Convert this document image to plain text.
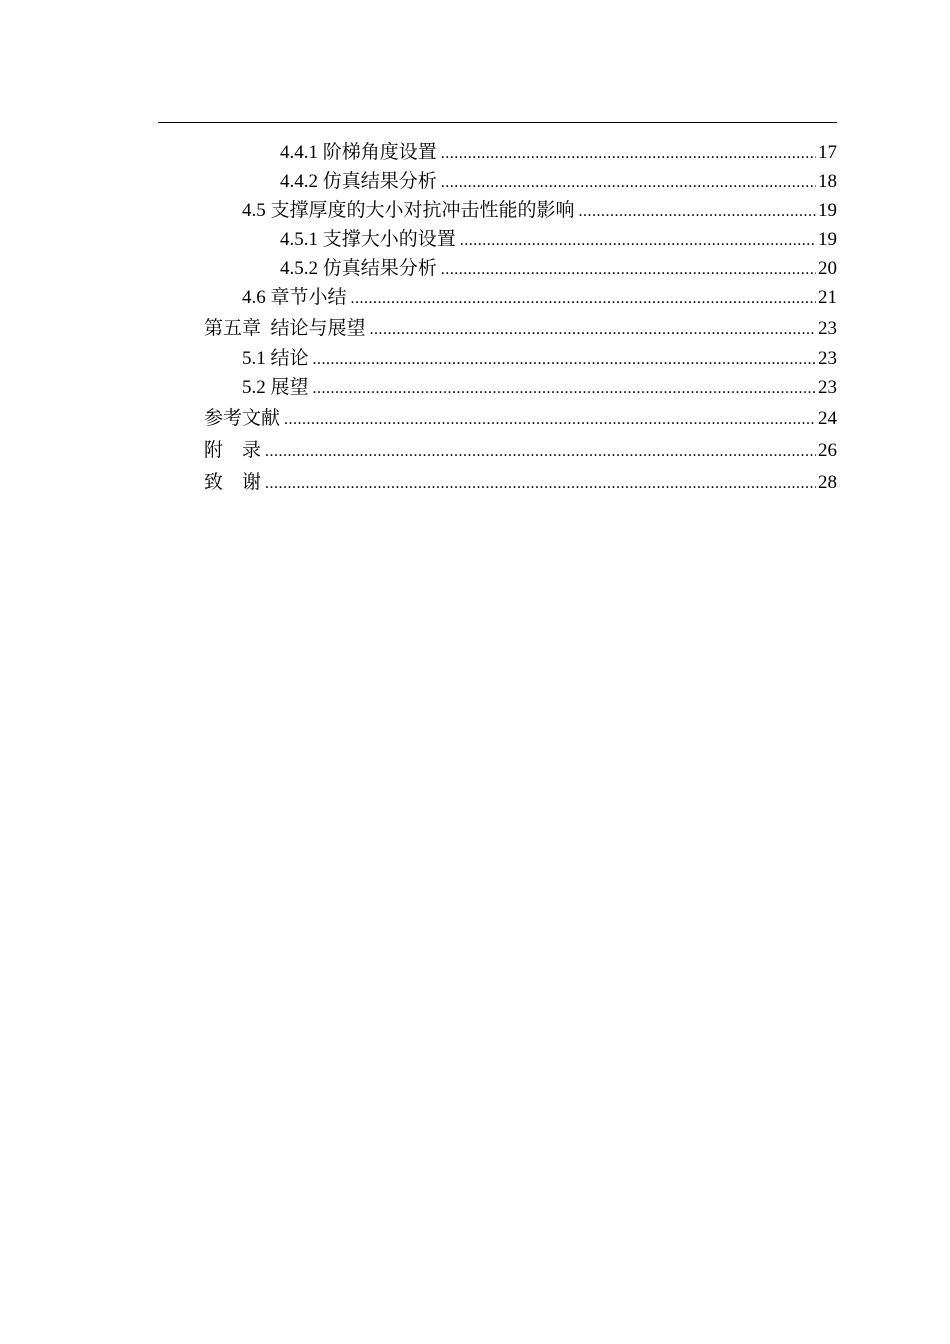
4.4.1 阶梯角度设置 .....	17
4.4.2 仿真结果分析 .....	18
4.5 支撑厚度的大小对抗冲击性能的影响 .....	19
4.5.1 支撑大小的设置 .....	19
4.5.2 仿真结果分析 .....	20
4.6 章节小结 .....	21
第五章  结论与展望 .....	23
5.1 结论 .....	23
5.2 展望 .....	23
参考文献 .....	24
附    录 .....	26
致    谢 .....	28
